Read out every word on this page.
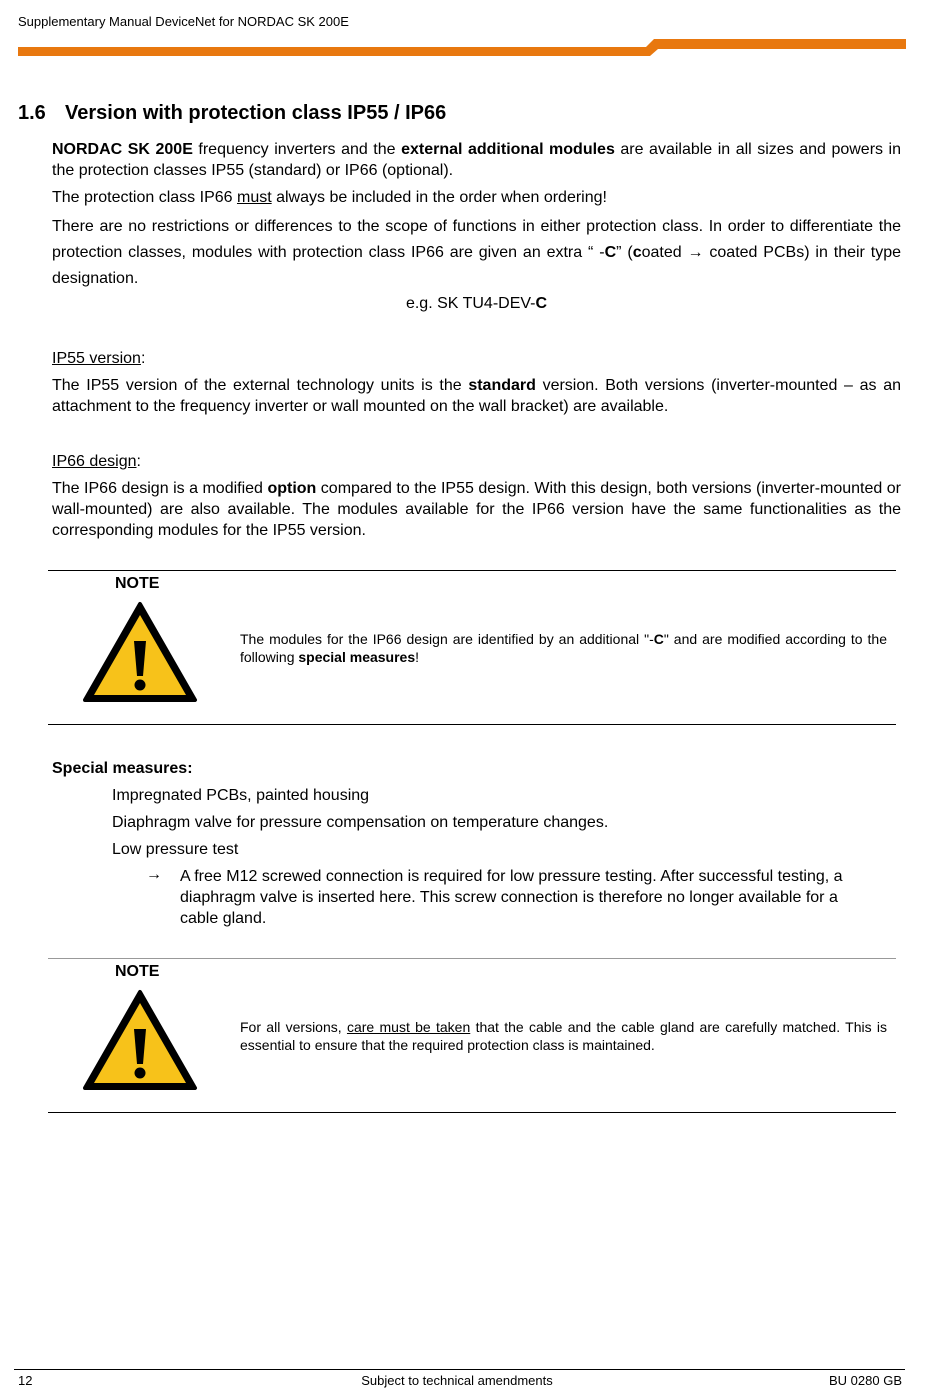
Supplementary Manual DeviceNet for NORDAC SK 200E
1.6 Version with protection class IP55 / IP66

NORDAC SK 200E frequency inverters and the external additional modules are available in all sizes and powers in the protection classes IP55 (standard) or IP66 (optional).

The protection class IP66 must always be included in the order when ordering!

There are no restrictions or differences to the scope of functions in either protection class. In order to differentiate the protection classes, modules with protection class IP66 are given an extra “ -C” (coated → coated PCBs) in their type designation.

e.g. SK TU4-DEV-C

IP55 version:

The IP55 version of the external technology units is the standard version. Both versions (inverter-mounted – as an attachment to the frequency inverter or wall mounted on the wall bracket) are available.

IP66 design:

The IP66 design is a modified option compared to the IP55 design. With this design, both versions (inverter-mounted or wall-mounted) are also available. The modules available for the IP66 version have the same functionalities as the corresponding modules for the IP55 version.

NOTE

The modules for the IP66 design are identified by an additional "-C" and are modified according to the following special measures!

Special measures:
Impregnated PCBs, painted housing
Diaphragm valve for pressure compensation on temperature changes.
Low pressure test
→ A free M12 screwed connection is required for low pressure testing. After successful testing, a diaphragm valve is inserted here. This screw connection is therefore no longer available for a cable gland.

NOTE

For all versions, care must be taken that the cable and the cable gland are carefully matched. This is essential to ensure that the required protection class is maintained.

12	Subject to technical amendments	BU 0280 GB
